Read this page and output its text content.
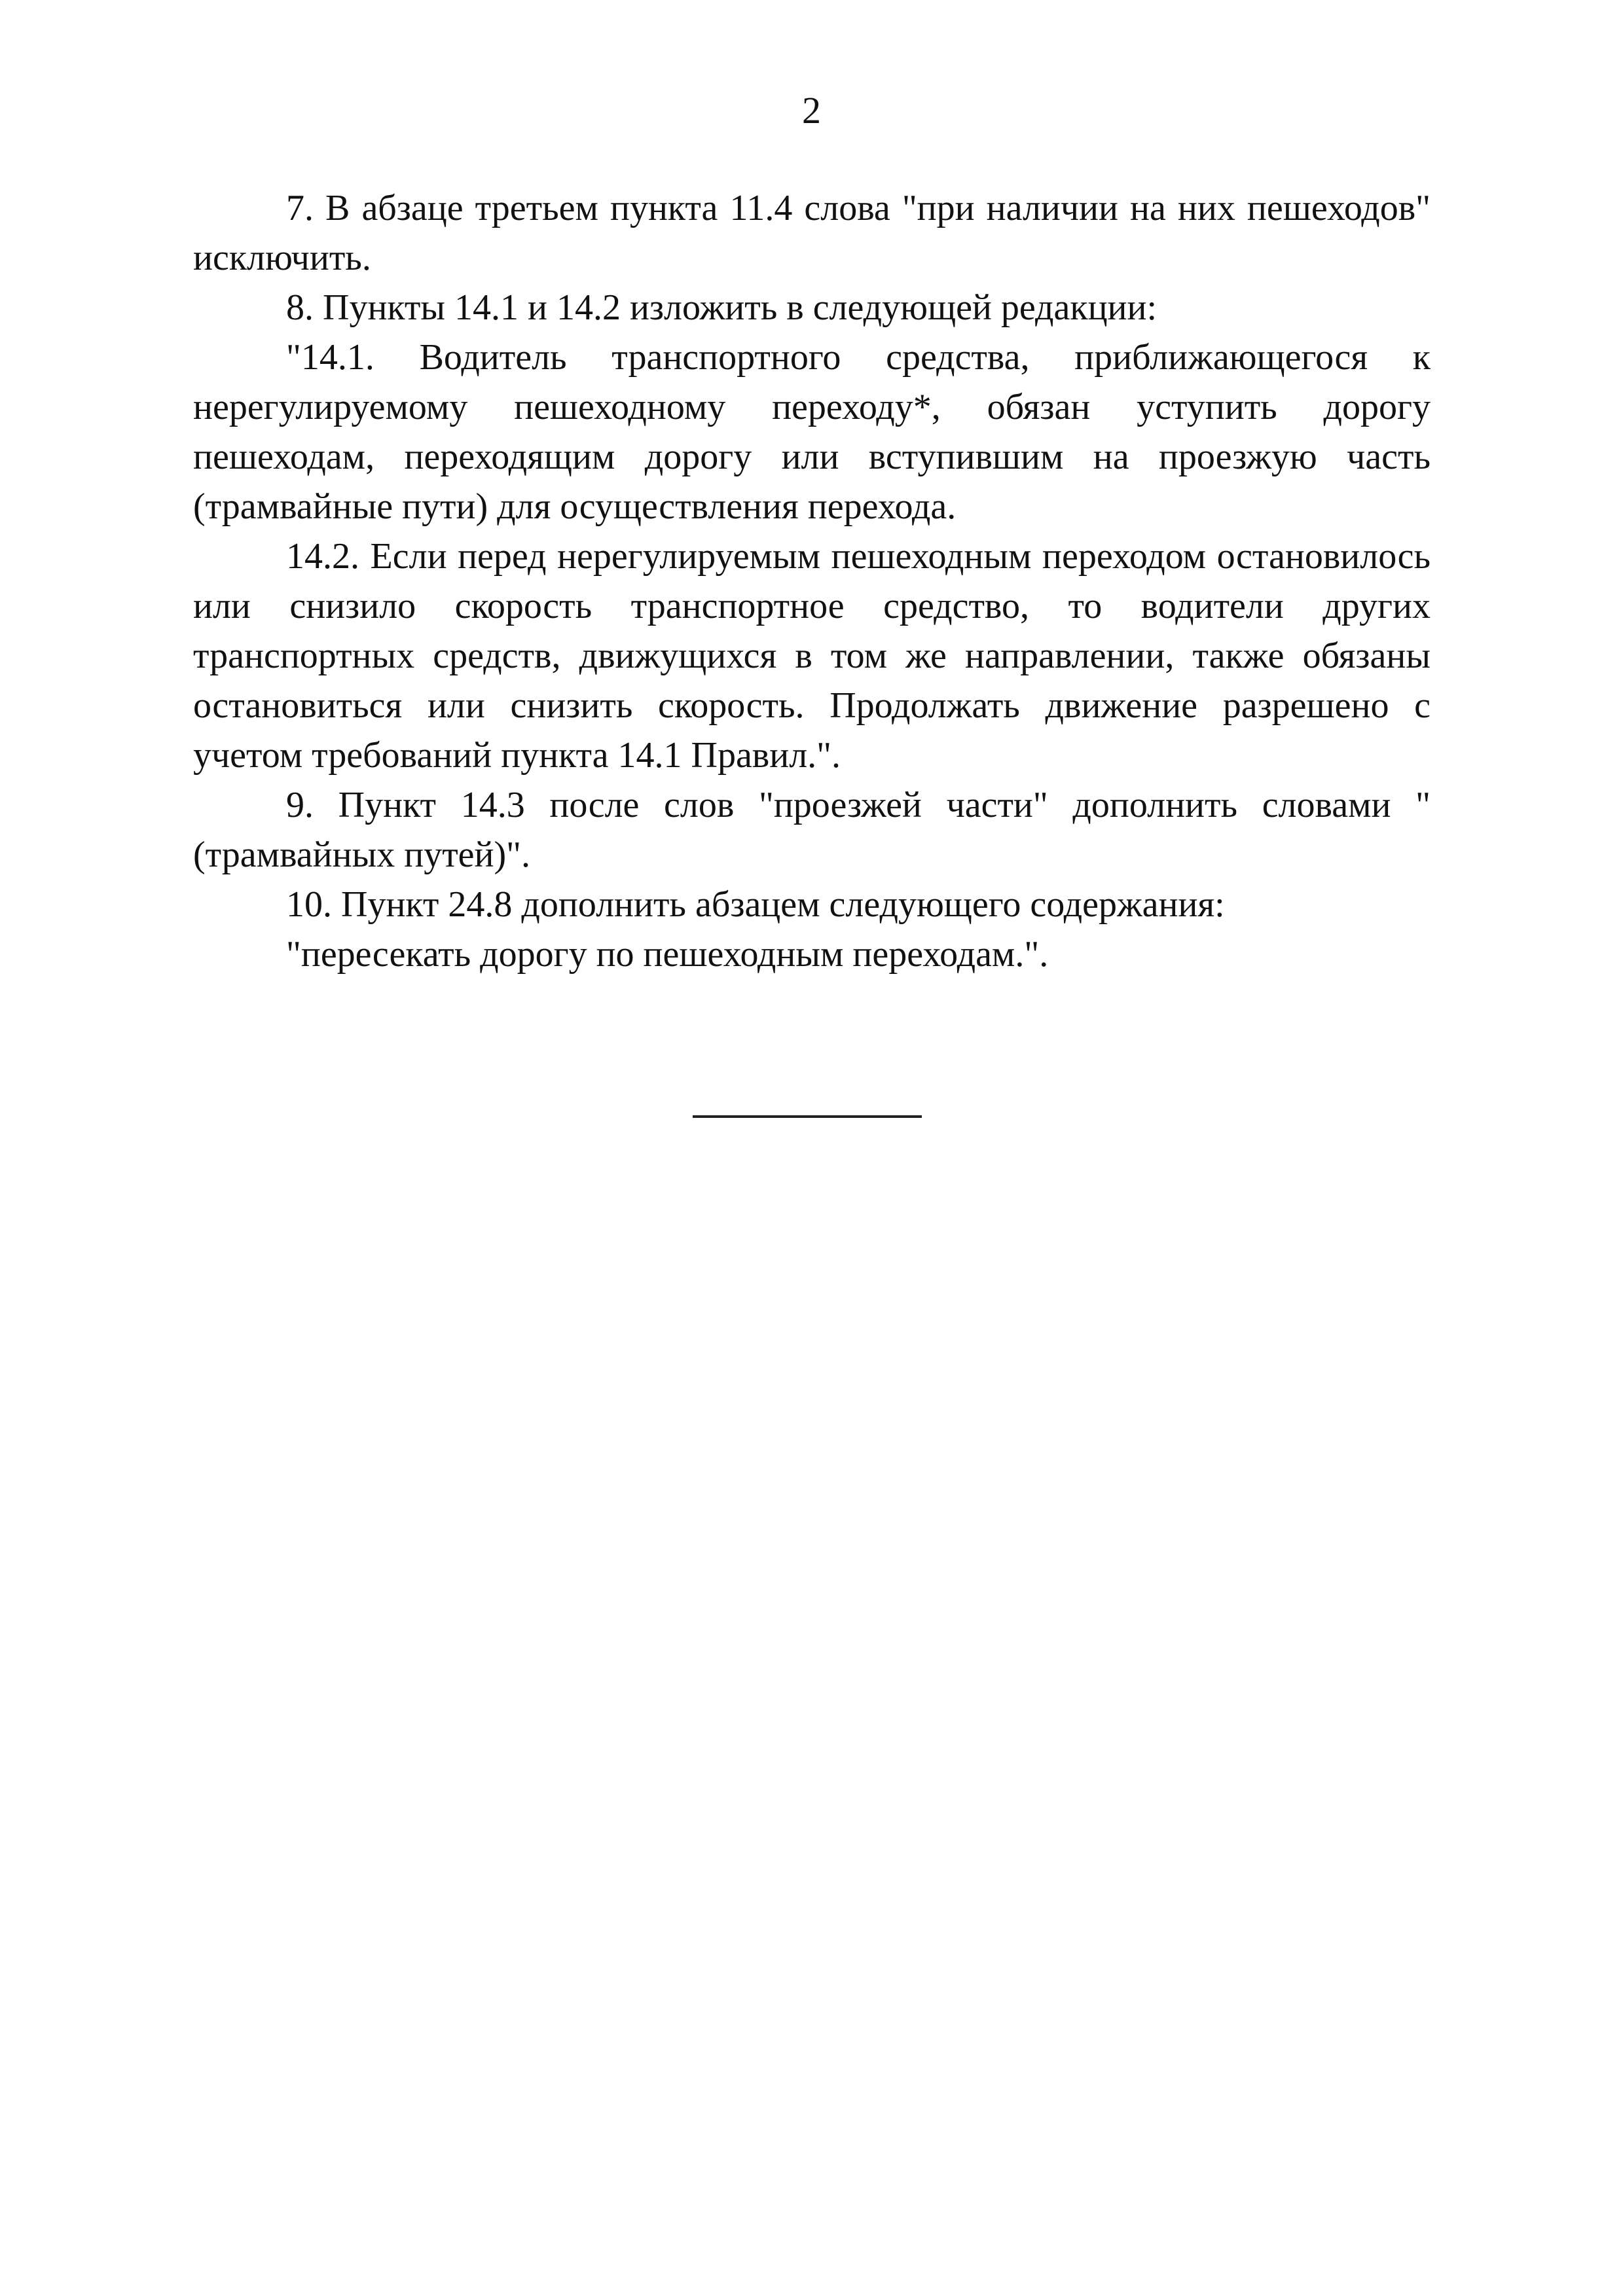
2

7. В абзаце третьем пункта 11.4 слова "при наличии на них пешеходов" исключить.

8. Пункты 14.1 и 14.2 изложить в следующей редакции:

"14.1. Водитель транспортного средства, приближающегося к нерегулируемому пешеходному переходу*, обязан уступить дорогу пешеходам, переходящим дорогу или вступившим на проезжую часть (трамвайные пути) для осуществления перехода.

14.2. Если перед нерегулируемым пешеходным переходом остановилось или снизило скорость транспортное средство, то водители других транспортных средств, движущихся в том же направлении, также обязаны остановиться или снизить скорость. Продолжать движение разрешено с учетом требований пункта 14.1 Правил.".

9. Пункт 14.3 после слов "проезжей части" дополнить словами "(трамвайных путей)".

10. Пункт 24.8 дополнить абзацем следующего содержания:

"пересекать дорогу по пешеходным переходам.".
